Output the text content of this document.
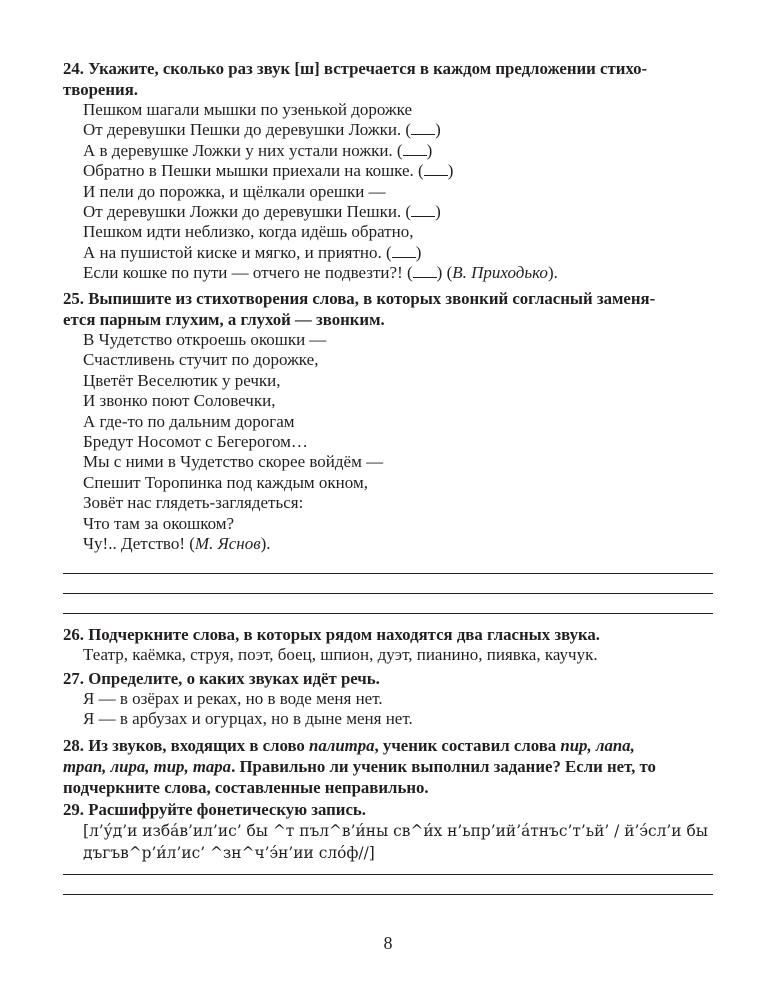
24. Укажите, сколько раз звук [ш] встречается в каждом предложении стихо-
творения.

Пешком шагали мышки по узенькой дорожке

От деревушки Пешки до деревушки Ложки. ( )

А в деревушке Ложки у них устали ножки. ( )

Обратно в Пешки мышки приехали на кошке. ( )

И пели до порожка, и щёлкали орешки —

От деревушки Ложки до деревушки Пешки. ( )

Пешком идти неблизко, когда идёшь обратно,

А на пушистой киске и мягко, и приятно. ( )

Если кошке по пути — отчего не подвезти?! ( ) (В. Приходько).

25. Выпишите из стихотворения слова, в которых звонкий согласный заменя-
ется парным глухим, а глухой — звонким.

В Чудетство откроешь окошки —

Счастливень стучит по дорожке,

Цветёт Веселютик у речки,

И звонко поют Соловечки,

А где-то по дальним дорогам

Бредут Носомот с Бегерогом…

Мы с ними в Чудетство скорее войдём —

Спешит Торопинка под каждым окном,

Зовёт нас глядеть-заглядеться:

Что там за окошком?

Чу!.. Детство! (М. Яснов).

26. Подчеркните слова, в которых рядом находятся два гласных звука.

Театр, каёмка, струя, поэт, боец, шпион, дуэт, пианино, пиявка, каучук.

27. Определите, о каких звуках идёт речь.

Я — в озёрах и реках, но в воде меня нет.

Я — в арбузах и огурцах, но в дыне меня нет.

28. Из звуков, входящих в слово палитра, ученик составил слова пир, лапа,
трап, лира, тир, тара. Правильно ли ученик выполнил задание? Если нет, то
подчеркните слова, составленные неправильно.

29. Расшифруйте фонетическую запись.

[л’у́д’и изба́в’ил’ис’ бы ^т пъл^в’и́ны св^и́х н’ьпр’ий’а́тнъс’т’ьй’ / й’э́сл’и бы

дъгъв^р’и́л’ис’ ^зн^ч’э́н’ии сло́ф//]

8
